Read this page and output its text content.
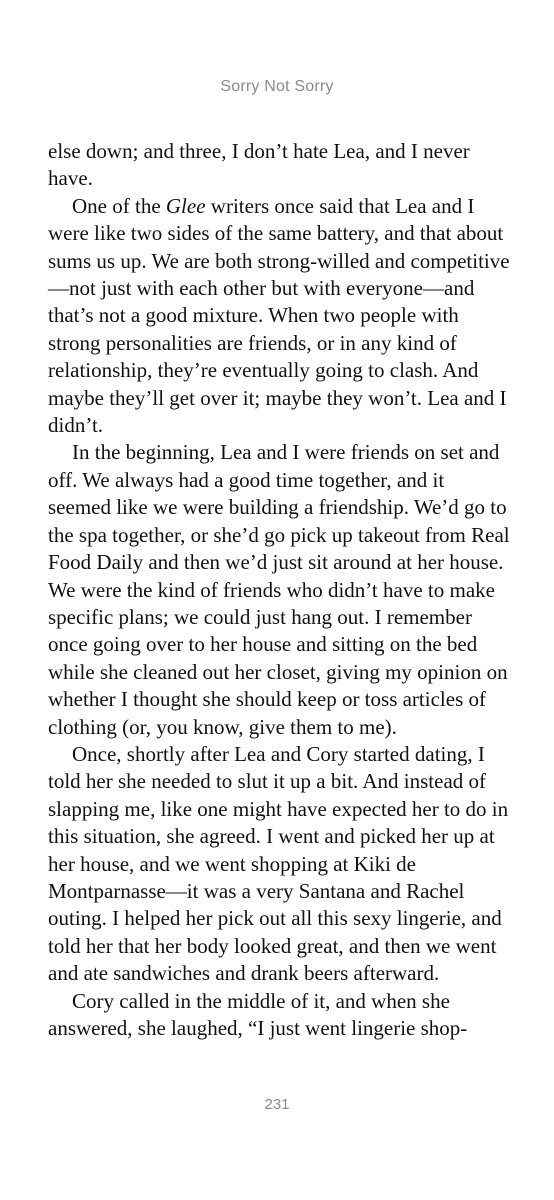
Sorry Not Sorry

else down; and three, I don’t hate Lea, and I never have.

One of the Glee writers once said that Lea and I were like two sides of the same battery, and that about sums us up. We are both strong-willed and competitive—not just with each other but with everyone—and that’s not a good mixture. When two people with strong personalities are friends, or in any kind of relationship, they’re eventually going to clash. And maybe they’ll get over it; maybe they won’t. Lea and I didn’t.

In the beginning, Lea and I were friends on set and off. We always had a good time together, and it seemed like we were building a friendship. We’d go to the spa together, or she’d go pick up takeout from Real Food Daily and then we’d just sit around at her house. We were the kind of friends who didn’t have to make specific plans; we could just hang out. I remember once going over to her house and sitting on the bed while she cleaned out her closet, giving my opinion on whether I thought she should keep or toss articles of clothing (or, you know, give them to me).

Once, shortly after Lea and Cory started dating, I told her she needed to slut it up a bit. And instead of slapping me, like one might have expected her to do in this situation, she agreed. I went and picked her up at her house, and we went shopping at Kiki de Montparnasse—it was a very Santana and Rachel outing. I helped her pick out all this sexy lingerie, and told her that her body looked great, and then we went and ate sandwiches and drank beers afterward.

Cory called in the middle of it, and when she answered, she laughed, “I just went lingerie shop-

231
